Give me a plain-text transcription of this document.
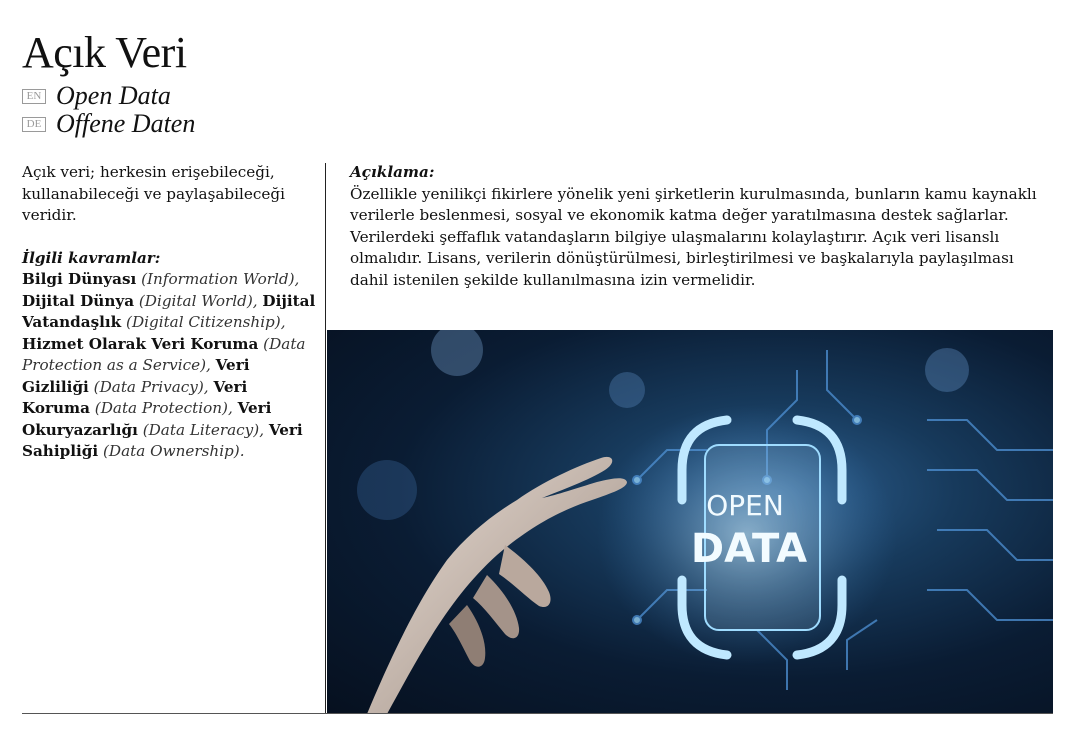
Açık Veri
EN Open Data
DE Offene Daten

Açık veri; herkesin erişebileceği, kullanabileceği ve paylaşabileceği veridir.

İlgili kavramlar:

Bilgi Dünyası (Information World), Dijital Dünya (Digital World), Dijital Vatandaşlık (Digital Citizenship), Hizmet Olarak Veri Koruma (Data Protection as a Service), Veri Gizliliği (Data Privacy), Veri Koruma (Data Protection), Veri Okuryazarlığı (Data Literacy), Veri Sahipliği (Data Ownership).

Açıklama:

Özellikle yenilikçi fikirlere yönelik yeni şirketlerin kurulmasında, bunların kamu kaynaklı verilerle beslenmesi, sosyal ve ekonomik katma değer yaratılmasına destek sağlarlar. Verilerdeki şeffaflık vatandaşların bilgiye ulaşmalarını kolaylaştırır. Açık veri lisanslı olmalıdır. Lisans, verilerin dönüştürülmesi, birleştirilmesi ve başkalarıyla paylaşılması dahil istenilen şekilde kullanılmasına izin vermelidir.

OPEN
DATA
